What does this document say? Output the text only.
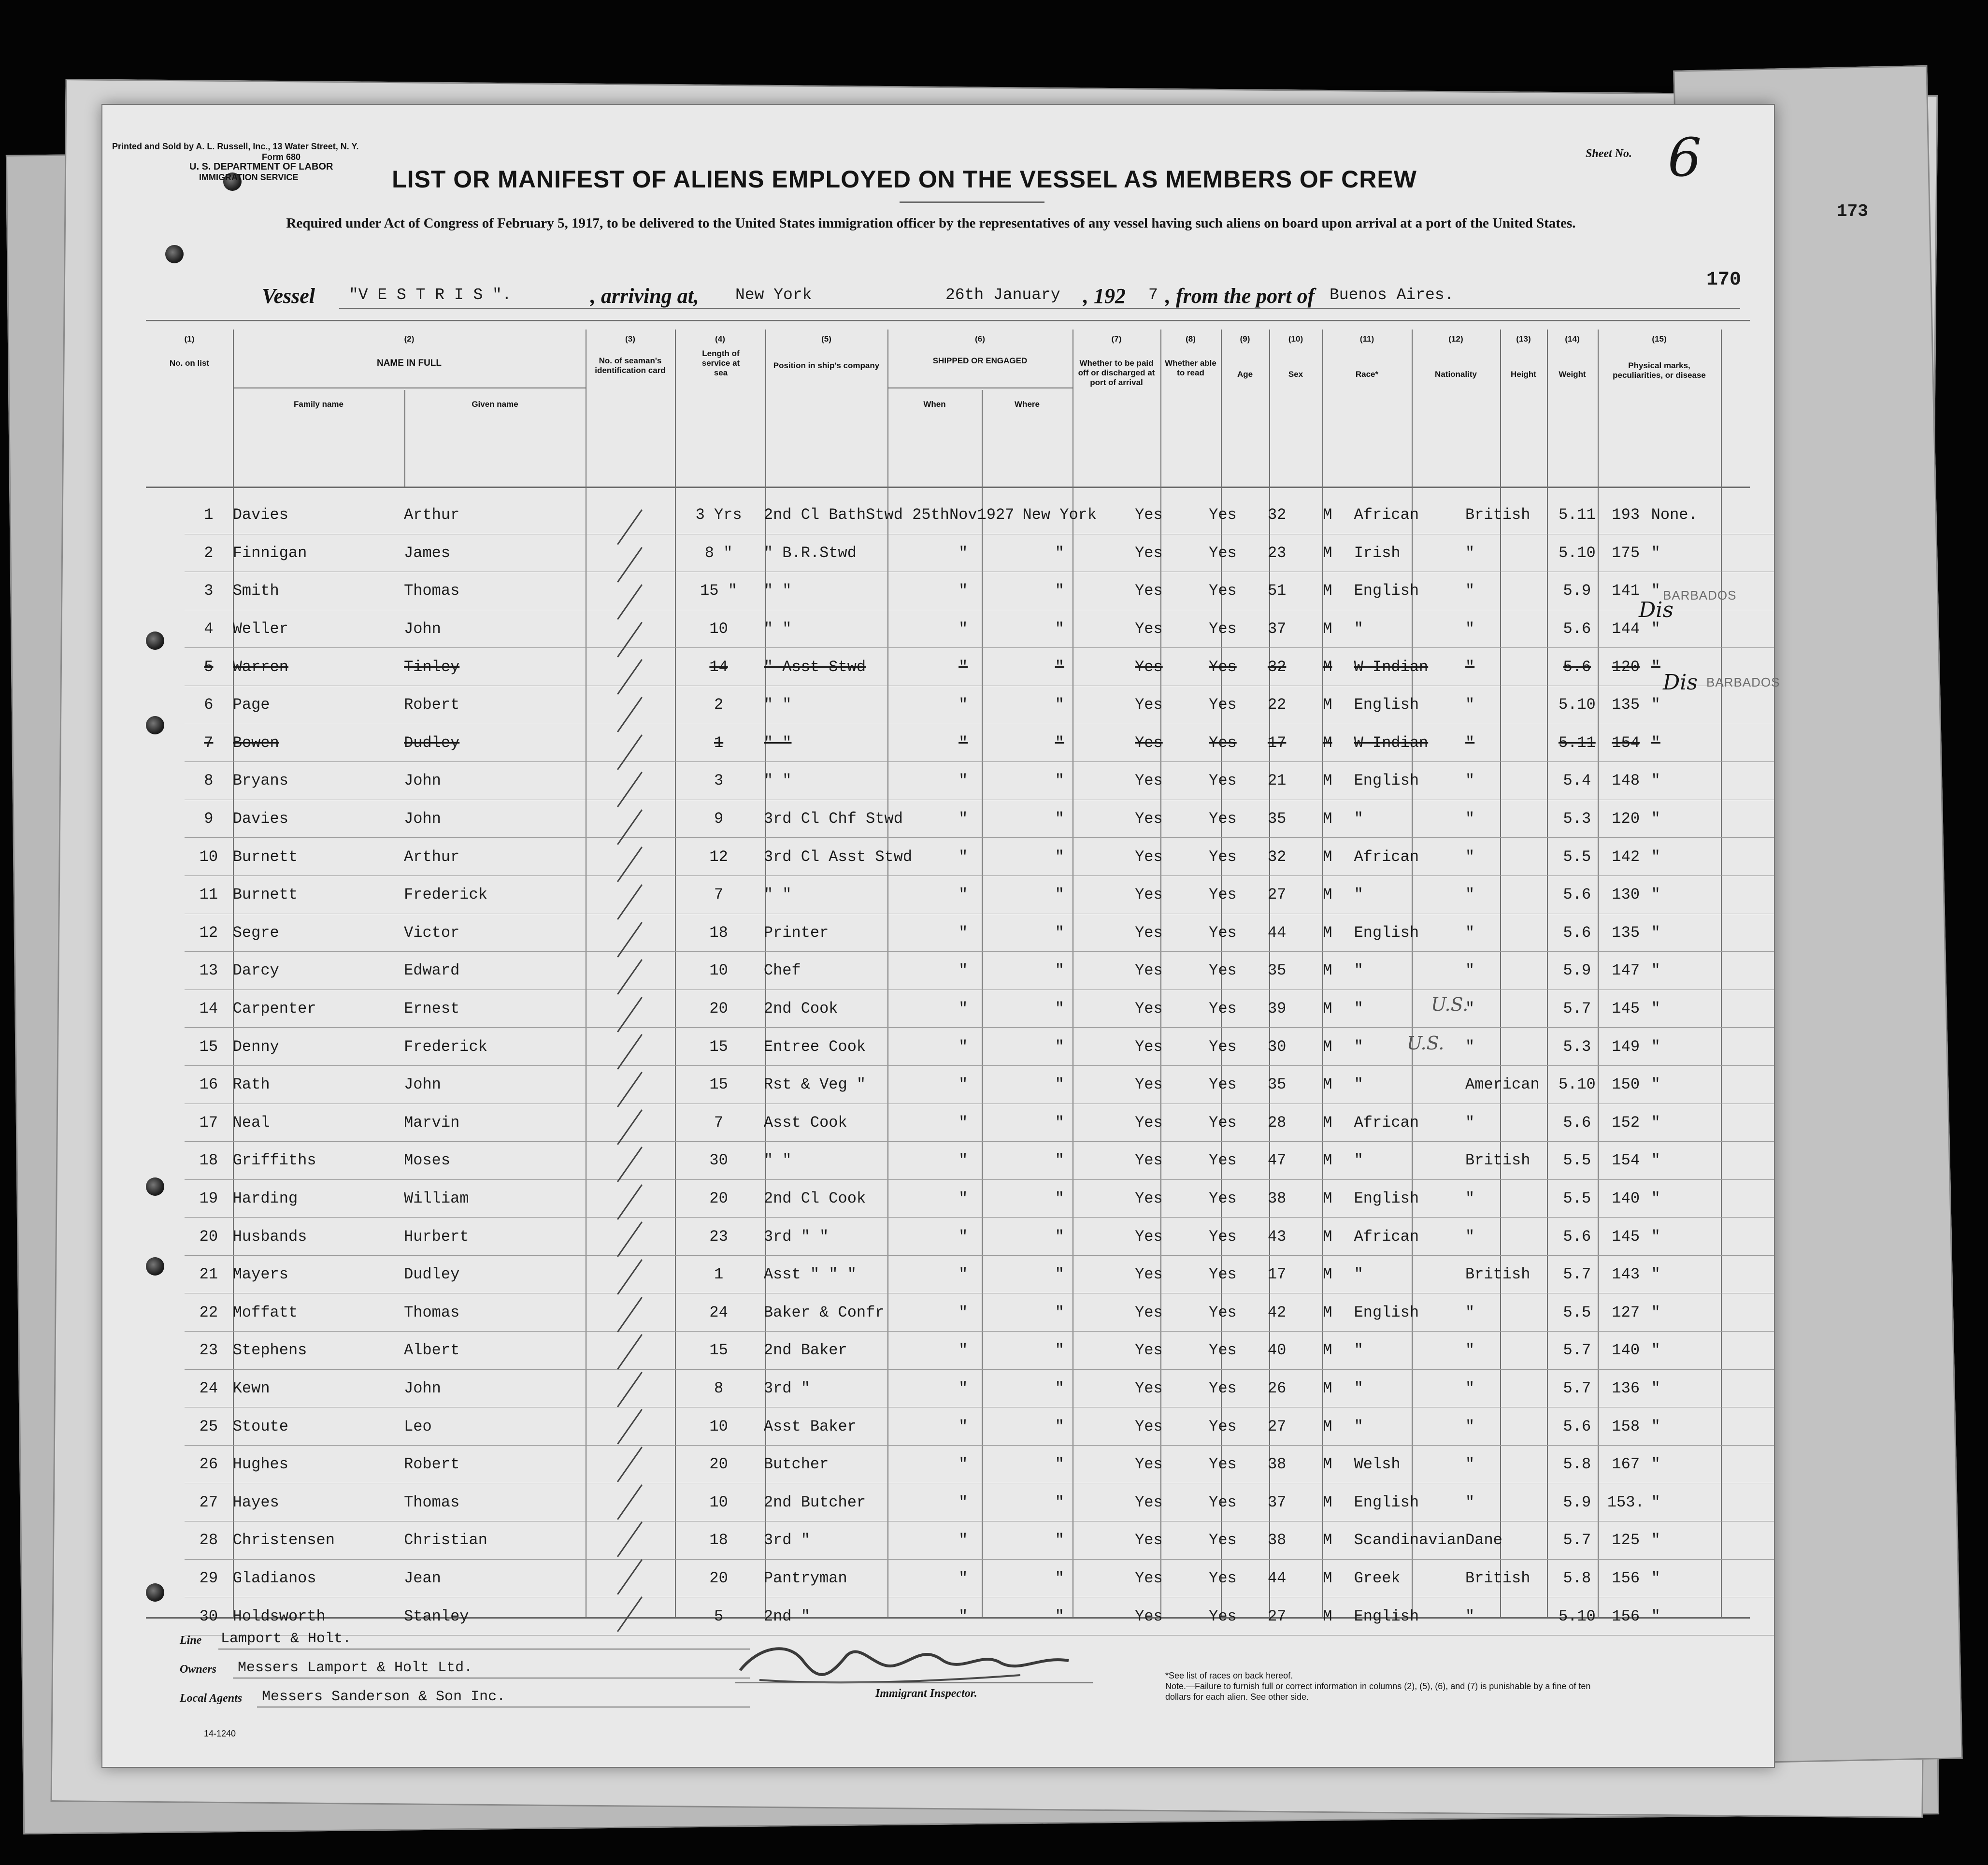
Printed and Sold by A. L. Russell, Inc., 13 Water Street, N. Y.
Form 680
U. S. DEPARTMENT OF LABOR
IMMIGRATION SERVICE
Sheet No. 6
173
170
LIST OR MANIFEST OF ALIENS EMPLOYED ON THE VESSEL AS MEMBERS OF CREW
Required under Act of Congress of February 5, 1917, to be delivered to the United States immigration officer by the representatives of any vessel having such aliens on board upon arrival at a port of the United States.
Vessel "V E S T R I S ".	, arriving at, New York	26th January , 192 7 , from the port of Buenos Aires.
(1)
No. on list
(2)
NAME IN FULL
Family name	Given name
(3)
No. of seaman's identification card
(4)
Length of service at sea
(5)
Position in ship's company
(6)
SHIPPED OR ENGAGED
When	Where
(7)
Whether to be paid off or discharged at port of arrival
(8)
Whether able to read
(9)
Age
(10)
Sex
(11)
Race*
(12)
Nationality
(13)
Height
(14)
Weight
(15)
Physical marks, peculiarities, or disease
1	Davies	Arthur		3 Yrs	2nd Cl BathStwd	25thNov1927	New York	Yes	Yes	32	M	African	British	5.11	193	None.
2	Finnigan	James		8 "	" B.R.Stwd	"	"	Yes	Yes	23	M	Irish	"	5.10	175	"
3	Smith	Thomas		15 "	" "	"	"	Yes	Yes	51	M	English	"	5.9	141	"
4	Weller	John		10	" "	"	"	Yes	Yes	37	M	"	"	5.6	144	"
5	Warren	Tinley		14	" Asst Stwd	"	"	Yes	Yes	32	M	W Indian	"	5.6	120	"
6	Page	Robert		2	" "	"	"	Yes	Yes	22	M	English	"	5.10	135	"
7	Bowen	Dudley		1	" "	"	"	Yes	Yes	17	M	W Indian	"	5.11	154	"
8	Bryans	John		3	" "	"	"	Yes	Yes	21	M	English	"	5.4	148	"
9	Davies	John		9	3rd Cl Chf Stwd	"	"	Yes	Yes	35	M	"	"	5.3	120	"
10	Burnett	Arthur		12	3rd Cl Asst Stwd	"	"	Yes	Yes	32	M	African	"	5.5	142	"
11	Burnett	Frederick		7	" "	"	"	Yes	Yes	27	M	"	"	5.6	130	"
12	Segre	Victor		18	Printer	"	"	Yes	Yes	44	M	English	"	5.6	135	"
13	Darcy	Edward		10	Chef	"	"	Yes	Yes	35	M	"	"	5.9	147	"
14	Carpenter	Ernest		20	2nd Cook	"	"	Yes	Yes	39	M	"	"	5.7	145	"
15	Denny	Frederick		15	Entree Cook	"	"	Yes	Yes	30	M	"	"	5.3	149	"
16	Rath	John		15	Rst & Veg "	"	"	Yes	Yes	35	M	"	American	5.10	150	"
17	Neal	Marvin		7	Asst Cook	"	"	Yes	Yes	28	M	African	"	5.6	152	"
18	Griffiths	Moses		30	" "	"	"	Yes	Yes	47	M	"	British	5.5	154	"
19	Harding	William		20	2nd Cl Cook	"	"	Yes	Yes	38	M	English	"	5.5	140	"
20	Husbands	Hurbert		23	3rd " "	"	"	Yes	Yes	43	M	African	"	5.6	145	"
21	Mayers	Dudley		1	Asst " " "	"	"	Yes	Yes	17	M	"	British	5.7	143	"
22	Moffatt	Thomas		24	Baker & Confr	"	"	Yes	Yes	42	M	English	"	5.5	127	"
23	Stephens	Albert		15	2nd Baker	"	"	Yes	Yes	40	M	"	"	5.7	140	"
24	Kewn	John		8	3rd "	"	"	Yes	Yes	26	M	"	"	5.7	136	"
25	Stoute	Leo		10	Asst Baker	"	"	Yes	Yes	27	M	"	"	5.6	158	"
26	Hughes	Robert		20	Butcher	"	"	Yes	Yes	38	M	Welsh	"	5.8	167	"
27	Hayes	Thomas		10	2nd Butcher	"	"	Yes	Yes	37	M	English	"	5.9	153.	"
28	Christensen	Christian		18	3rd "	"	"	Yes	Yes	38	M	Scandinavian	Dane	5.7	125	"
29	Gladianos	Jean		20	Pantryman	"	"	Yes	Yes	44	M	Greek	British	5.8	156	"
30	Holdsworth	Stanley		5	2nd "	"	"	Yes	Yes	27	M	English	"	5.10	156	"
BARBADOS
Dis
BARBADOS
Dis
U.S.
U.S.
Line Lamport & Holt.
Owners Messers Lamport & Holt Ltd.
Local Agents Messers Sanderson & Son Inc.
14-1240
Immigrant Inspector.
*See list of races on back hereof.
Note.—Failure to furnish full or correct information in columns (2), (5), (6), and (7) is punishable by a fine of ten dollars for each alien. See other side.
